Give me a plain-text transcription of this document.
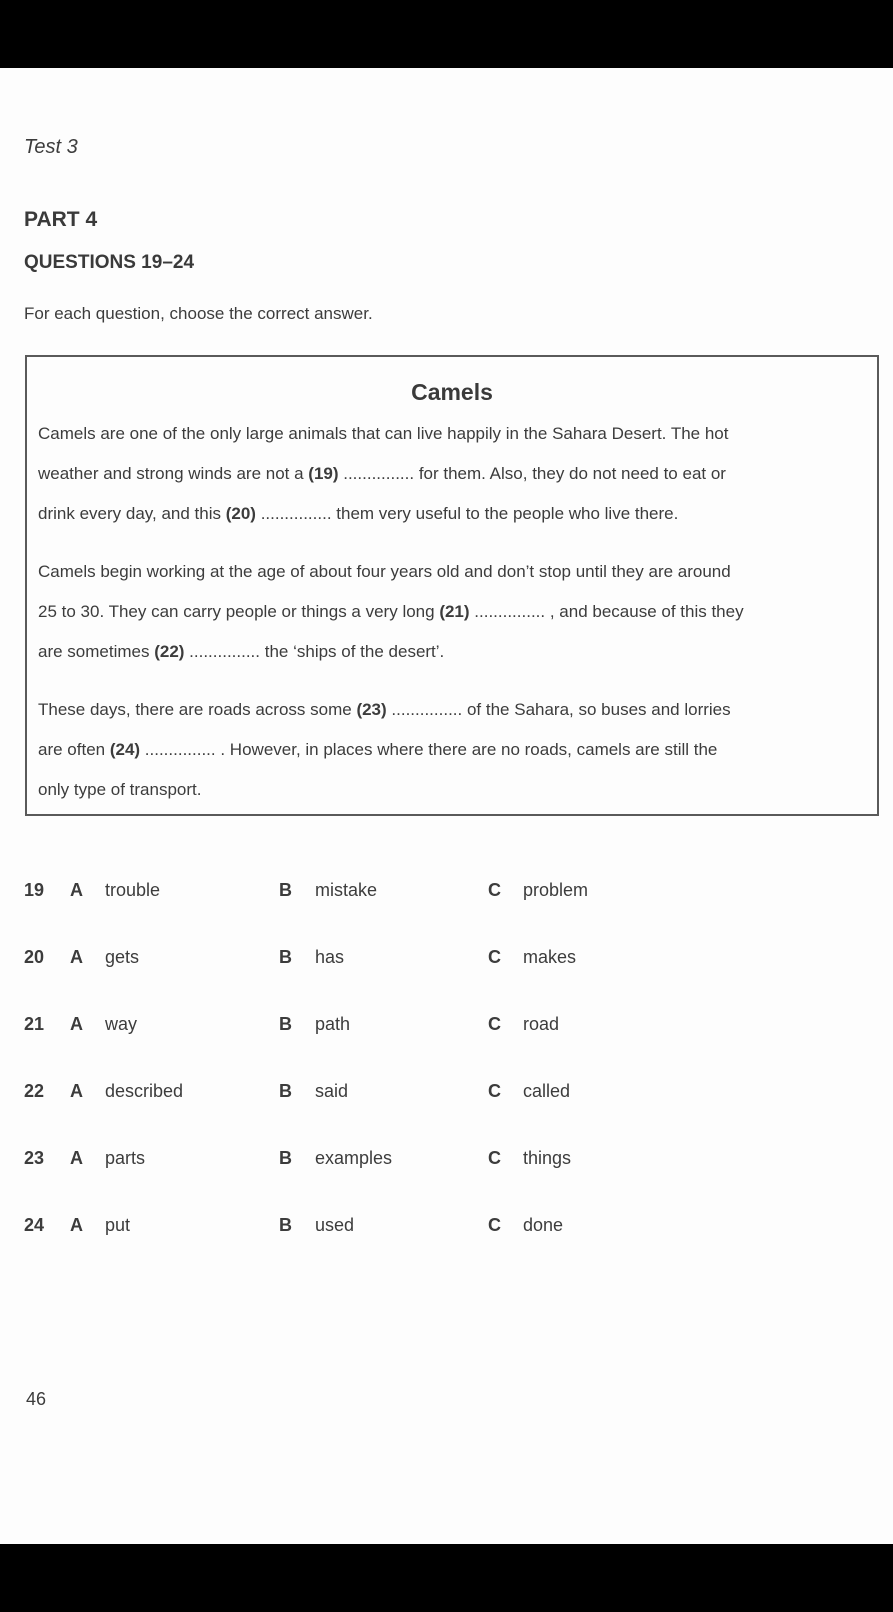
Test 3
PART 4
QUESTIONS 19–24
For each question, choose the correct answer.
Camels

Camels are one of the only large animals that can live happily in the Sahara Desert. The hot
weather and strong winds are not a (19) ............... for them. Also, they do not need to eat or
drink every day, and this (20) ............... them very useful to the people who live there.

Camels begin working at the age of about four years old and don’t stop until they are around
25 to 30. They can carry people or things a very long (21) ............... , and because of this they
are sometimes (22) ............... the ‘ships of the desert’.

These days, there are roads across some (23) ............... of the Sahara, so buses and lorries
are often (24) ............... . However, in places where there are no roads, camels are still the
only type of transport.

19 A trouble	B mistake	C problem
20 A gets	B has	C makes
21 A way	B path	C road
22 A described	B said	C called
23 A parts	B examples	C things
24 A put	B used	C done
46
